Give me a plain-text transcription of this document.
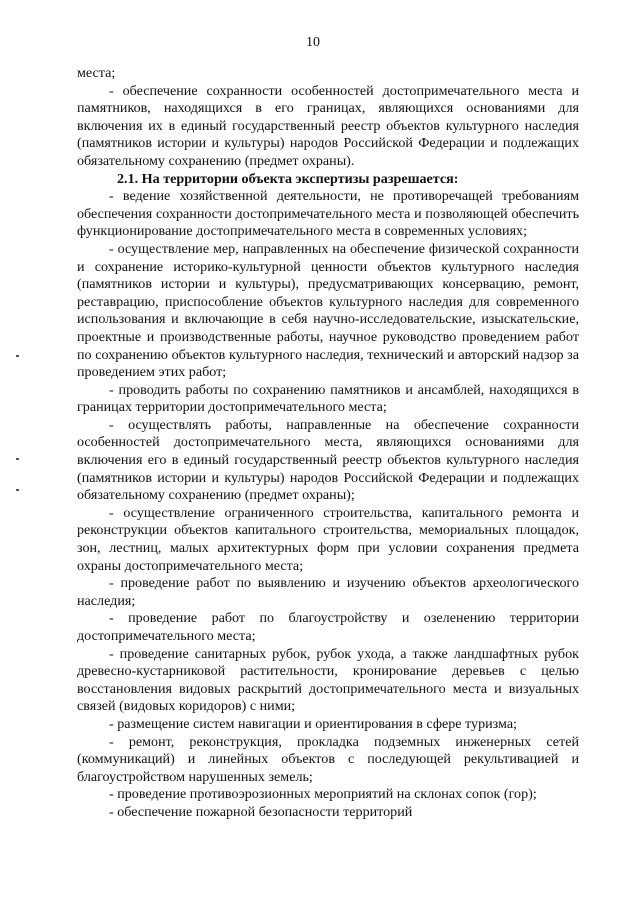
10

места;

- обеспечение сохранности особенностей достопримечательного места и памятников, находящихся в его границах, являющихся основаниями для включения их в единый государственный реестр объектов культурного наследия (памятников истории и культуры) народов Российской Федерации и подлежащих обязательному сохранению (предмет охраны).

2.1. На территории объекта экспертизы разрешается:

- ведение хозяйственной деятельности, не противоречащей требованиям обеспечения сохранности достопримечательного места и позволяющей обеспечить функционирование достопримечательного места в современных условиях;

- осуществление мер, направленных на обеспечение физической сохранности и сохранение историко-культурной ценности объектов культурного наследия (памятников истории и культуры), предусматривающих консервацию, ремонт, реставрацию, приспособление объектов культурного наследия для современного использования и включающие в себя научно-исследовательские, изыскательские, проектные и производственные работы, научное руководство проведением работ по сохранению объектов культурного наследия, технический и авторский надзор за проведением этих работ;

- проводить работы по сохранению памятников и ансамблей, находящихся в границах территории достопримечательного места;

- осуществлять работы, направленные на обеспечение сохранности особенностей достопримечательного места, являющихся основаниями для включения его в единый государственный реестр объектов культурного наследия (памятников истории и культуры) народов Российской Федерации и подлежащих обязательному сохранению (предмет охраны);

- осуществление ограниченного строительства, капитального ремонта и реконструкции объектов капитального строительства, мемориальных площадок, зон, лестниц, малых архитектурных форм при условии сохранения предмета охраны достопримечательного места;

- проведение работ по выявлению и изучению объектов археологического наследия;

- проведение работ по благоустройству и озеленению территории достопримечательного места;

- проведение санитарных рубок, рубок ухода, а также ландшафтных рубок древесно-кустарниковой растительности, кронирование деревьев с целью восстановления видовых раскрытий достопримечательного места и визуальных связей (видовых коридоров) с ними;

- размещение систем навигации и ориентирования в сфере туризма;

- ремонт, реконструкция, прокладка подземных инженерных сетей (коммуникаций) и линейных объектов с последующей рекультивацией и благоустройством нарушенных земель;

- проведение противоэрозионных мероприятий на склонах сопок (гор);

- обеспечение пожарной безопасности территорий
